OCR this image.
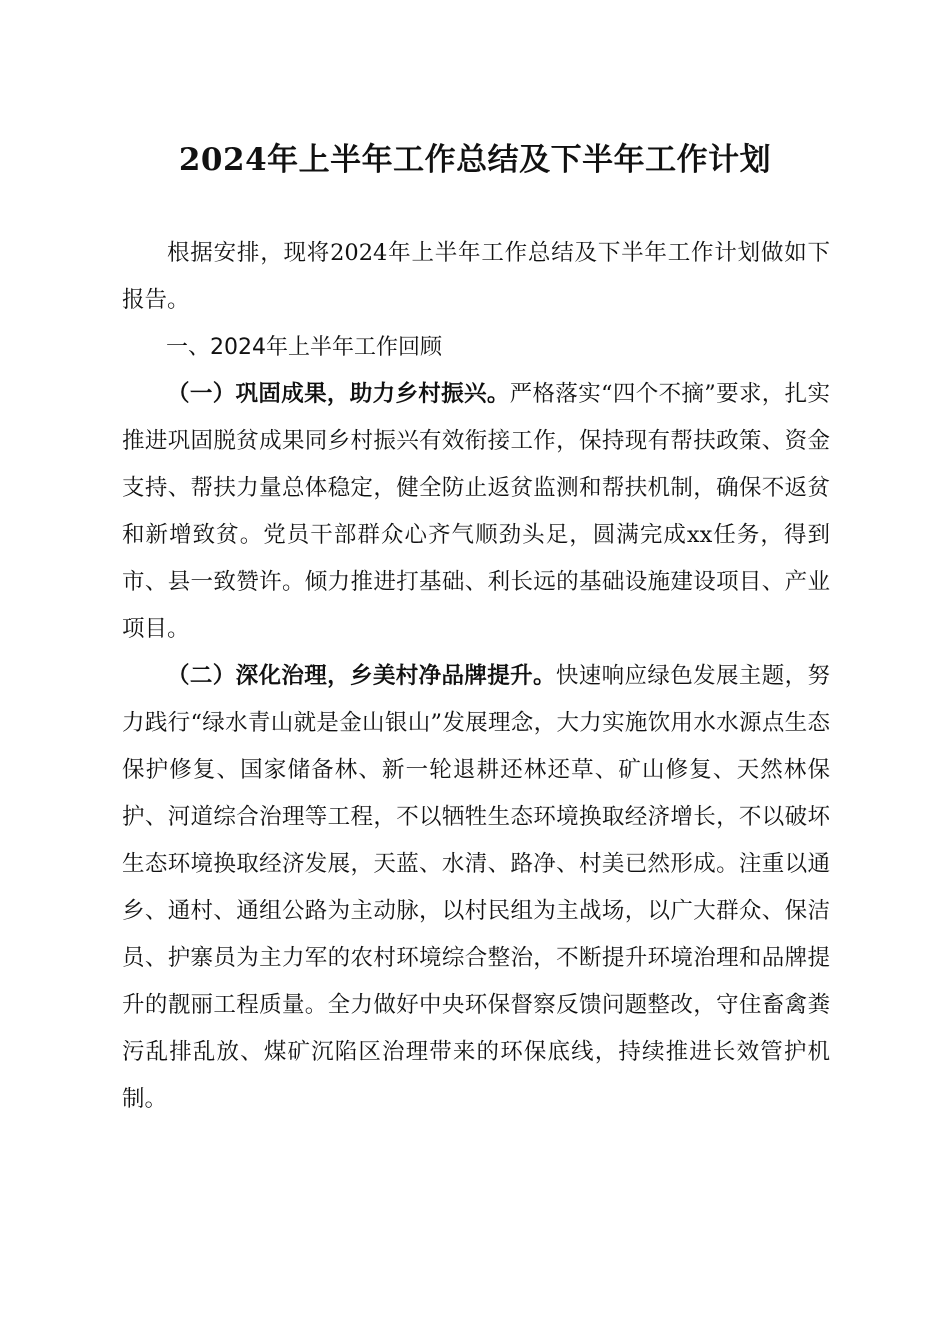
2024年上半年工作总结及下半年工作计划

根据安排，现将2024年上半年工作总结及下半年工作计划做如下报告。

一、2024年上半年工作回顾

（一）巩固成果，助力乡村振兴。严格落实“四个不摘”要求，扎实推进巩固脱贫成果同乡村振兴有效衔接工作，保持现有帮扶政策、资金支持、帮扶力量总体稳定，健全防止返贫监测和帮扶机制，确保不返贫和新增致贫。党员干部群众心齐气顺劲头足，圆满完成xx任务，得到市、县一致赞许。倾力推进打基础、利长远的基础设施建设项目、产业项目。

（二）深化治理，乡美村净品牌提升。快速响应绿色发展主题，努力践行“绿水青山就是金山银山”发展理念，大力实施饮用水水源点生态保护修复、国家储备林、新一轮退耕还林还草、矿山修复、天然林保护、河道综合治理等工程，不以牺牲生态环境换取经济增长，不以破坏生态环境换取经济发展，天蓝、水清、路净、村美已然形成。注重以通乡、通村、通组公路为主动脉，以村民组为主战场，以广大群众、保洁员、护寨员为主力军的农村环境综合整治，不断提升环境治理和品牌提升的靓丽工程质量。全力做好中央环保督察反馈问题整改，守住畜禽粪污乱排乱放、煤矿沉陷区治理带来的环保底线，持续推进长效管护机制。
